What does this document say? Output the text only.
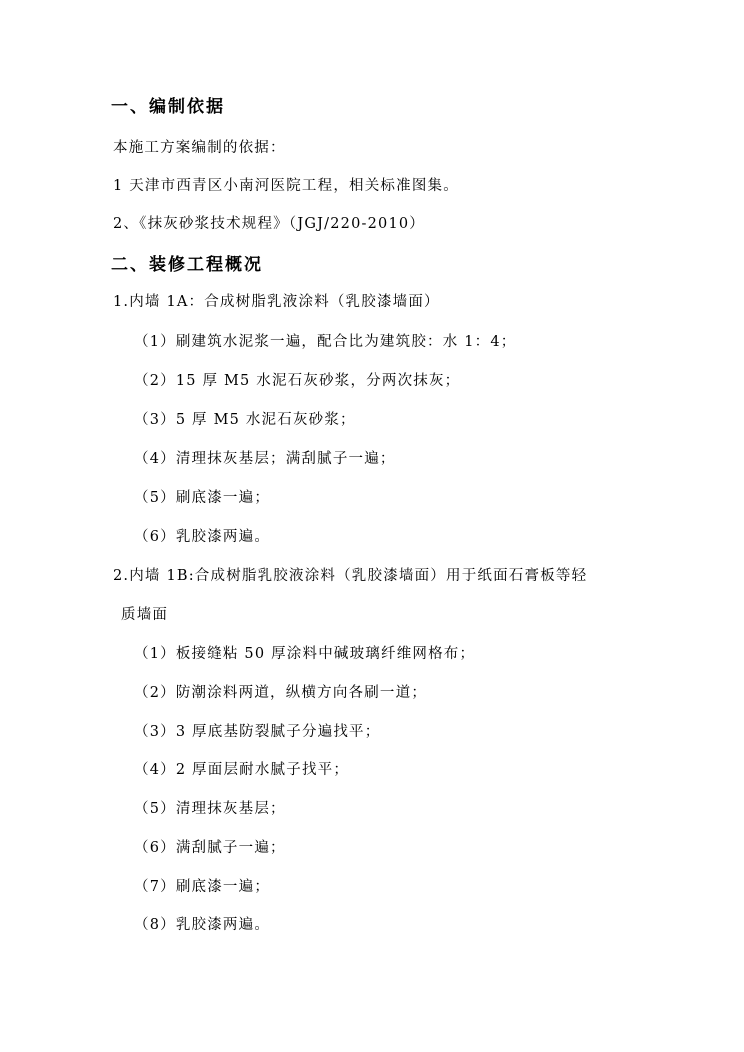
一、编制依据
本施工方案编制的依据：
1 天津市西青区小南河医院工程，相关标准图集。
2、《抹灰砂浆技术规程》（JGJ/220-2010）
二、装修工程概况
1.内墙 1A：合成树脂乳液涂料（乳胶漆墙面）
（1）刷建筑水泥浆一遍，配合比为建筑胶：水 1：4；
（2）15 厚 M5 水泥石灰砂浆，分两次抹灰；
（3）5 厚 M5 水泥石灰砂浆；
（4）清理抹灰基层；满刮腻子一遍；
（5）刷底漆一遍；
（6）乳胶漆两遍。
2.内墙 1B:合成树脂乳胶液涂料（乳胶漆墙面）用于纸面石膏板等轻
质墙面
（1）板接缝粘 50 厚涂料中碱玻璃纤维网格布；
（2）防潮涂料两道，纵横方向各刷一道；
（3）3 厚底基防裂腻子分遍找平；
（4）2 厚面层耐水腻子找平；
（5）清理抹灰基层；
（6）满刮腻子一遍；
（7）刷底漆一遍；
（8）乳胶漆两遍。
